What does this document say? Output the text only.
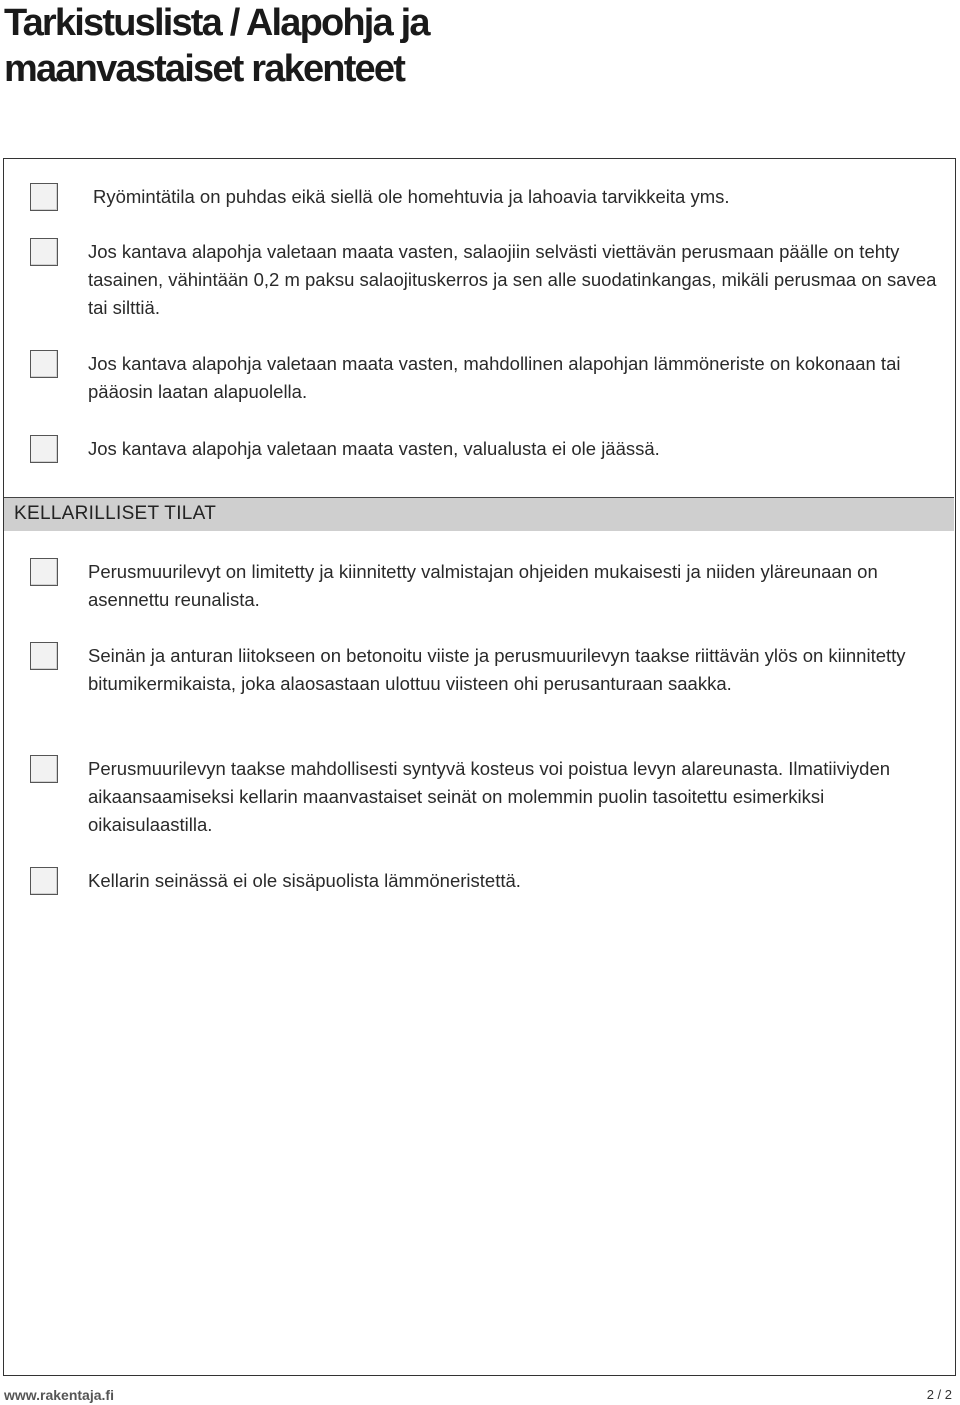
Tarkistuslista / Alapohja ja
maanvastaiset rakenteet

Ryömintätila on puhdas eikä siellä ole homehtuvia ja lahoavia tarvikkeita yms.

Jos kantava alapohja valetaan maata vasten, salaojiin selvästi viettävän perusmaan päälle on tehty tasainen, vähintään 0,2 m paksu salaojituskerros ja sen alle suodatinkangas, mikäli perusmaa on savea tai silttiä.

Jos kantava alapohja valetaan maata vasten, mahdollinen alapohjan lämmöneriste on kokonaan tai pääosin laatan alapuolella.

Jos kantava alapohja valetaan maata vasten, valualusta ei ole jäässä.

KELLARILLISET TILAT

Perusmuurilevyt on limitetty ja kiinnitetty valmistajan ohjeiden mukaisesti ja niiden yläreunaan on asennettu reunalista.

Seinän ja anturan liitokseen on betonoitu viiste ja perusmuurilevyn taakse riittävän ylös on kiinnitetty bitumikermikaista, joka alaosastaan ulottuu viisteen ohi perusanturaan saakka.

Perusmuurilevyn taakse mahdollisesti syntyvä kosteus voi poistua levyn alareunasta. Ilmatiiviyden aikaansaamiseksi kellarin maanvastaiset seinät on molemmin puolin tasoitettu esimerkiksi oikaisulaastilla.

Kellarin seinässä ei ole sisäpuolista lämmöneristettä.

www.rakentaja.fi	2 / 2
